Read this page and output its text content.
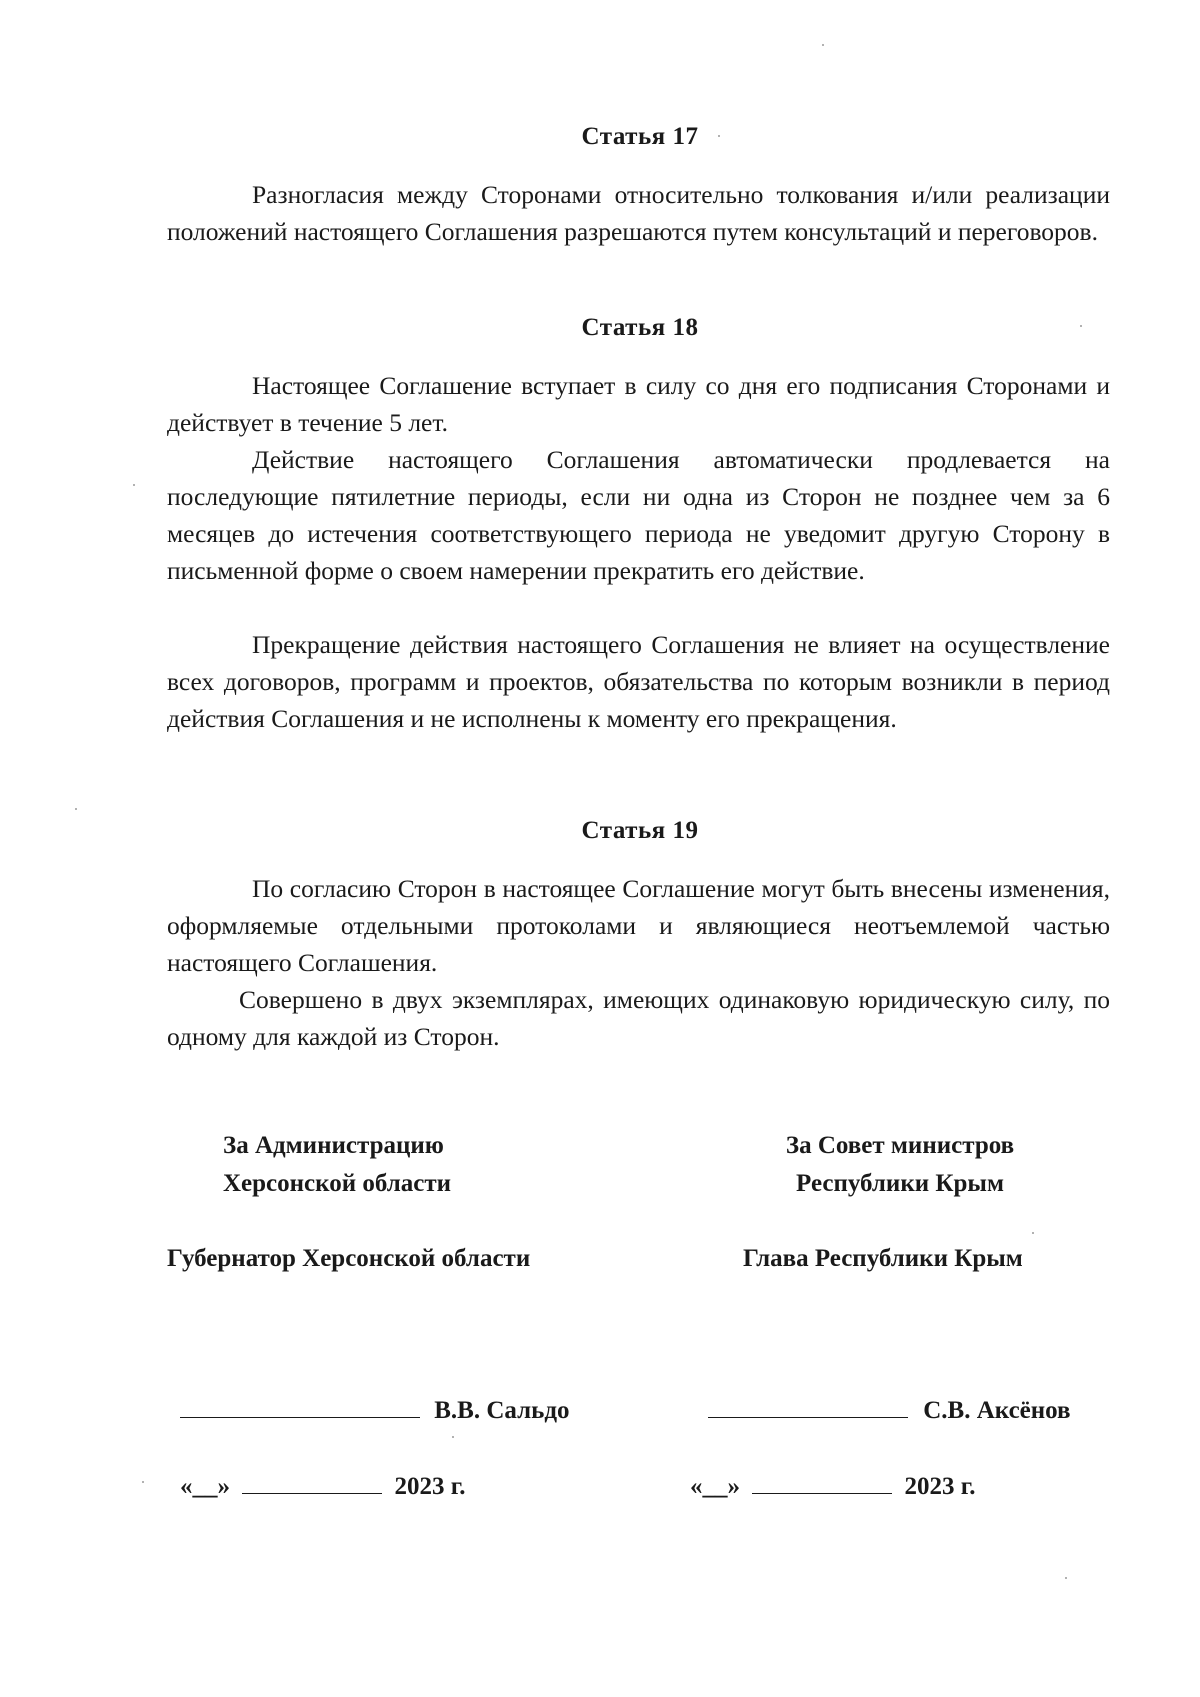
Статья 17

Разногласия между Сторонами относительно толкования и/или реализации положений настоящего Соглашения разрешаются путем консультаций и переговоров.

Статья 18

Настоящее Соглашение вступает в силу со дня его подписания Сторонами и действует в течение 5 лет.

Действие настоящего Соглашения автоматически продлевается на последующие пятилетние периоды, если ни одна из Сторон не позднее чем за 6 месяцев до истечения соответствующего периода не уведомит другую Сторону в письменной форме о своем намерении прекратить его действие.

Прекращение действия настоящего Соглашения не влияет на осуществление всех договоров, программ и проектов, обязательства по которым возникли в период действия Соглашения и не исполнены к моменту его прекращения.

Статья 19

По согласию Сторон в настоящее Соглашение могут быть внесены изменения, оформляемые отдельными протоколами и являющиеся неотъемлемой частью настоящего Соглашения.

Совершено в двух экземплярах, имеющих одинаковую юридическую силу, по одному для каждой из Сторон.

За Администрацию
Херсонской области
Губернатор Херсонской области
В.В. Сальдо
«__»	2023 г.
За Совет министров
Республики Крым
Глава Республики Крым
С.В. Аксёнов
«__»	2023 г.
